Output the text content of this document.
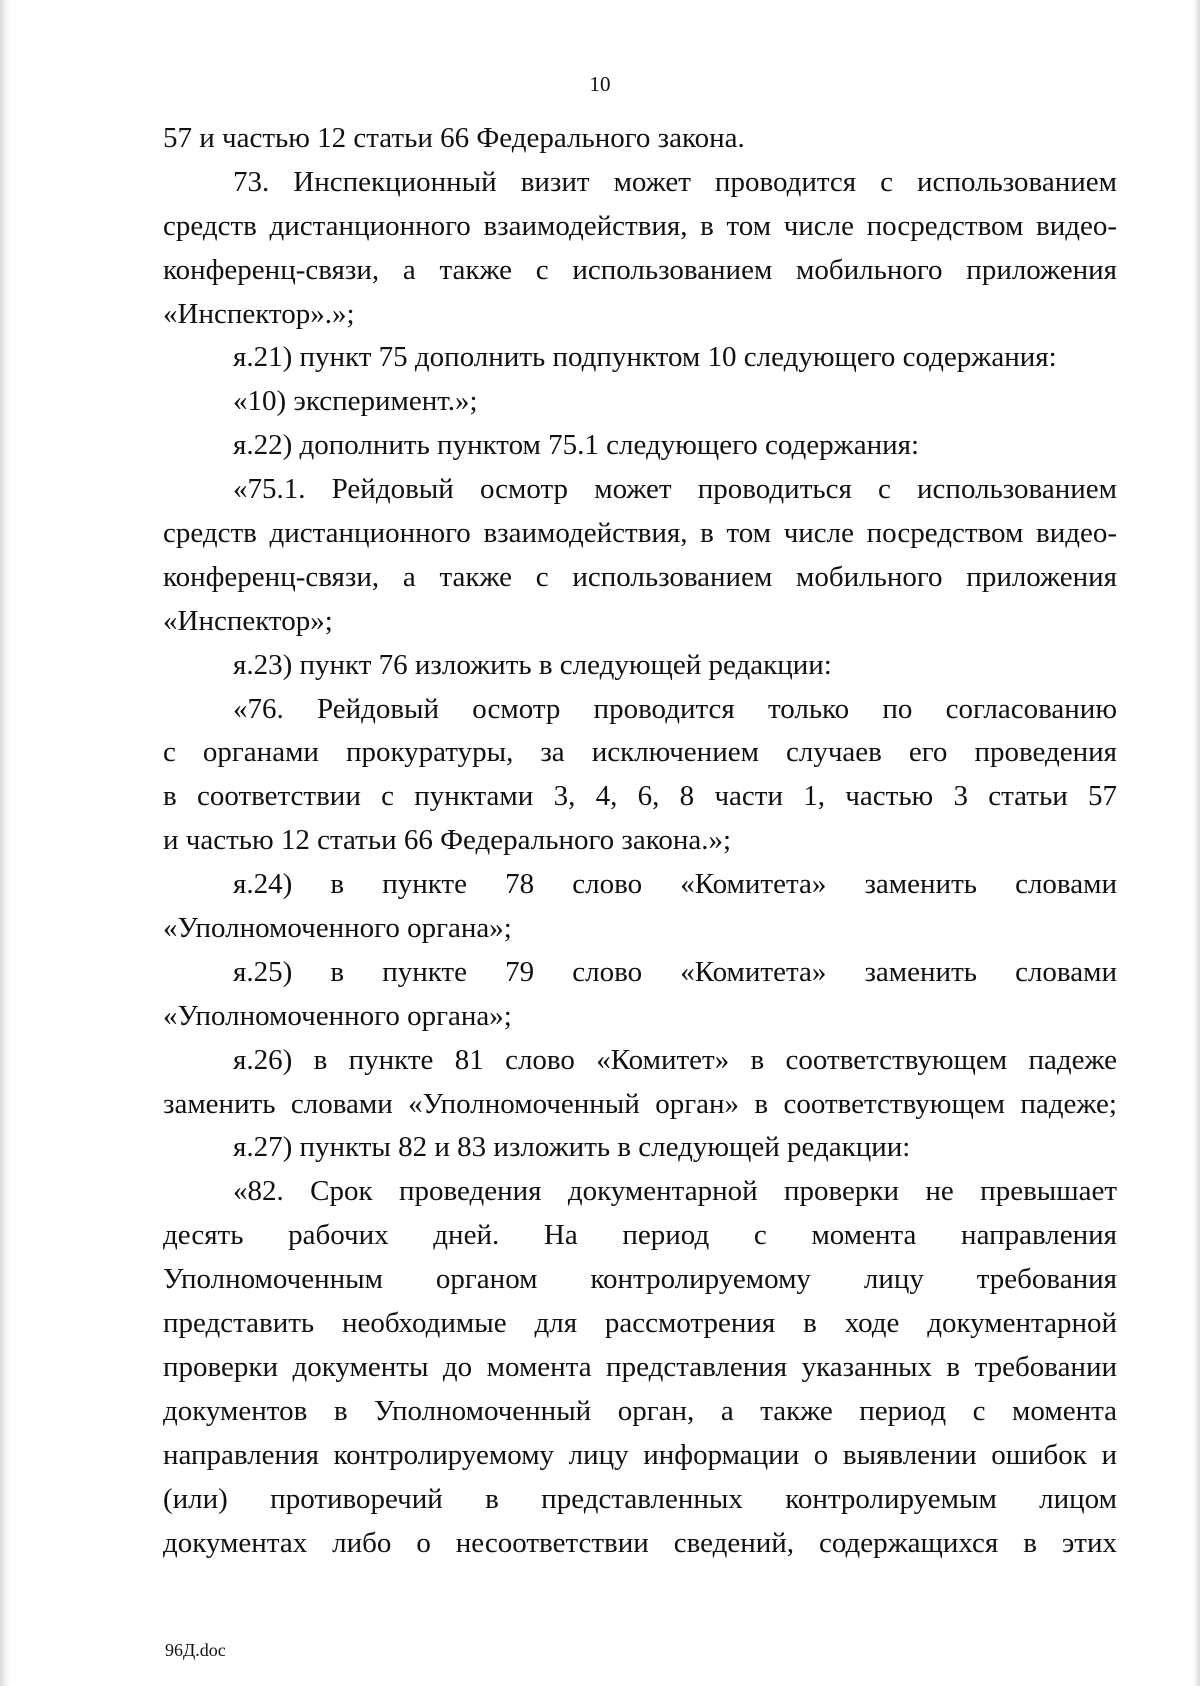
10
57 и частью 12 статьи 66 Федерального закона.
73. Инспекционный визит может проводится с использованием
средств дистанционного взаимодействия, в том числе посредством видео-
конференц-связи, а также с использованием мобильного приложения
«Инспектор».»;
я.21) пункт 75 дополнить подпунктом 10 следующего содержания:
«10) эксперимент.»;
я.22) дополнить пунктом 75.1 следующего содержания:
«75.1. Рейдовый осмотр может проводиться с использованием
средств дистанционного взаимодействия, в том числе посредством видео-
конференц-связи, а также с использованием мобильного приложения
«Инспектор»;
я.23) пункт 76 изложить в следующей редакции:
«76. Рейдовый осмотр проводится только по согласованию
с органами прокуратуры, за исключением случаев его проведения
в соответствии с пунктами 3, 4, 6, 8 части 1, частью 3 статьи 57
и частью 12 статьи 66 Федерального закона.»;
я.24) в пункте 78 слово «Комитета» заменить словами
«Уполномоченного органа»;
я.25) в пункте 79 слово «Комитета» заменить словами
«Уполномоченного органа»;
я.26) в пункте 81 слово «Комитет» в соответствующем падеже
заменить словами «Уполномоченный орган» в соответствующем падеже;
я.27) пункты 82 и 83 изложить в следующей редакции:
«82. Срок проведения документарной проверки не превышает
десять рабочих дней. На период с момента направления
Уполномоченным органом контролируемому лицу требования
представить необходимые для рассмотрения в ходе документарной
проверки документы до момента представления указанных в требовании
документов в Уполномоченный орган, а также период с момента
направления контролируемому лицу информации о выявлении ошибок и
(или) противоречий в представленных контролируемым лицом
документах либо о несоответствии сведений, содержащихся в этих
96Д.doc
